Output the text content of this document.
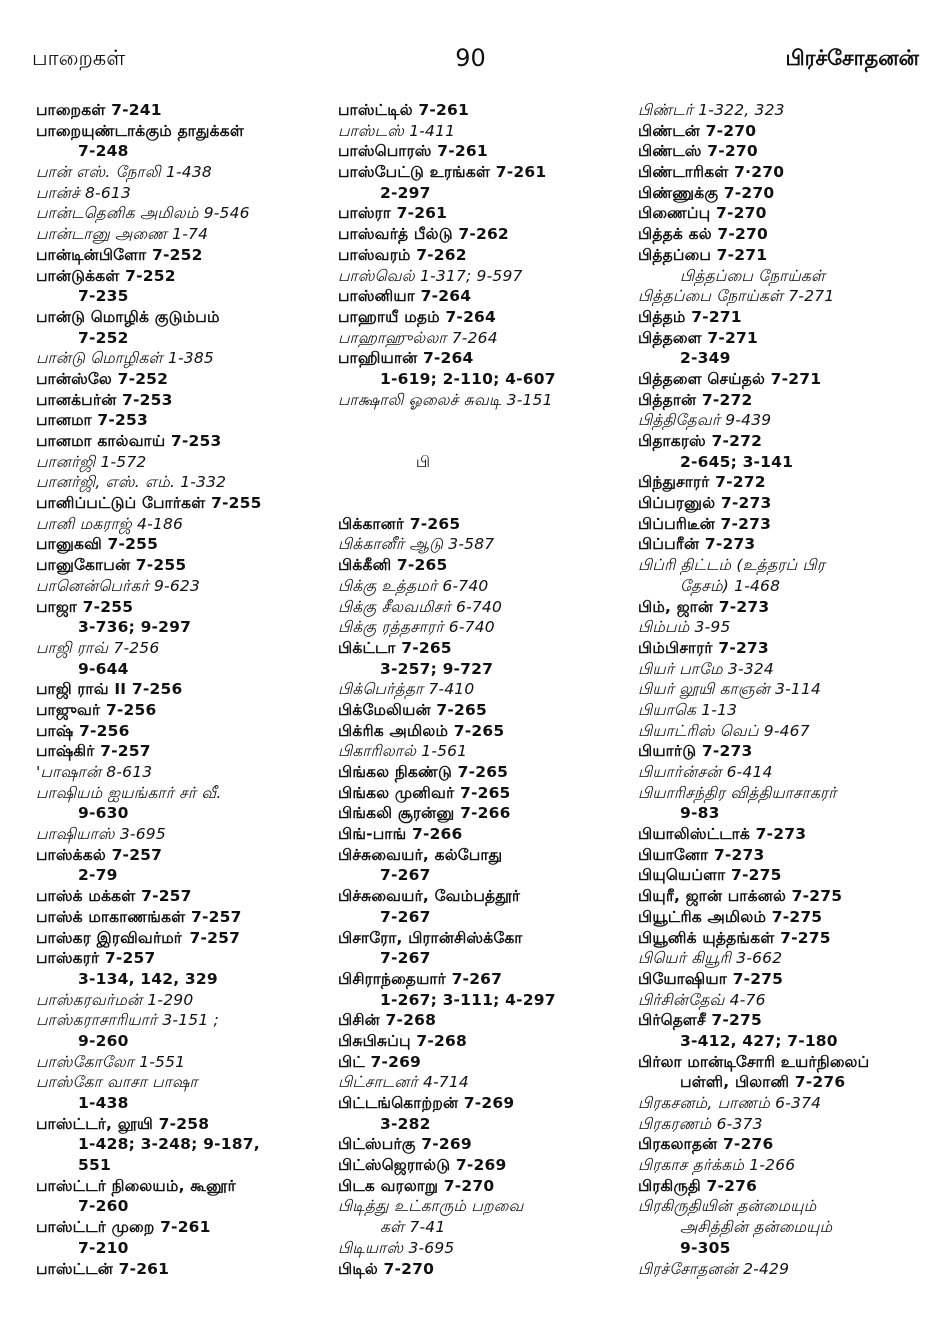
பாறைகள்	90	பிரச்சோதனன்
பாறைகள் 7-241
பாறையுண்டாக்கும் தாதுக்கள்
7-248
பான் எஸ். நோலி 1-438
பான்ச் 8-613
பான்டதெனிக அமிலம் 9-546
பான்டானு அணை 1-74
பான்டின்பிளோ 7-252
பான்டுக்கள் 7-252
7-235
பான்டு மொழிக் குடும்பம்
7-252
பான்டு மொழிகள் 1-385
பான்ஸ்லே 7-252
பானக்பர்ன் 7-253
பானமா 7-253
பானமா கால்வாய் 7-253
பானர்ஜி 1-572
பானர்ஜி, எஸ். எம். 1-332
பானிப்பட்டுப் போர்கள் 7-255
பானி மகராஜ் 4-186
பானுகவி 7-255
பானுகோபன் 7-255
பானென்பெர்கர் 9-623
பாஜா 7-255
3-736; 9-297
பாஜி ராவ் 7-256
9-644
பாஜி ராவ் II 7-256
பாஜுவர் 7-256
பாஷ் 7-256
பாஷ்கிர் 7-257
'பாஷான் 8-613
பாஷியம் ஐயங்கார் சர் வீ.
9-630
பாஷியாஸ் 3-695
பாஸ்க்கல் 7-257
2-79
பாஸ்க் மக்கள் 7-257
பாஸ்க் மாகாணங்கள் 7-257
பாஸ்கர இரவிவர்மா் 7-257
பாஸ்கரர் 7-257
3-134, 142, 329
பாஸ்கரவர்மன் 1-290
பாஸ்கராசாரியார் 3-151 ;
9-260
பாஸ்கோலோ 1-551
பாஸ்கோ வாசா பாஷா
1-438
பாஸ்ட்டர், லூயி 7-258
1-428; 3-248; 9-187,
551
பாஸ்ட்டர் நிலையம், கூனூர்
7-260
பாஸ்ட்டர் முறை 7-261
7-210
பாஸ்ட்டன் 7-261
பாஸ்ட்டில் 7-261
பாஸ்டஸ் 1-411
பாஸ்பொரஸ் 7-261
பாஸ்பேட்டு உரங்கள் 7-261
2-297
பாஸ்ரா 7-261
பாஸ்வர்த் பீல்டு 7-262
பாஸ்வரம் 7-262
பாஸ்வெல் 1-317; 9-597
பாஸ்னியா 7-264
பாஹாயீ மதம் 7-264
பாஹாஹுல்லா 7-264
பாஹியான் 7-264
1-619; 2-110; 4-607
பாக்ஷாலி ஓலைச் சுவடி 3-151
பி
பிக்கானர் 7-265
பிக்கானீர் ஆடு 3-587
பிக்கீனி 7-265
பிக்கு உத்தமர் 6-740
பிக்கு சீலவமிசர் 6-740
பிக்கு ரத்தசாரர் 6-740
பிக்ட்டா 7-265
3-257; 9-727
பிக்பெர்த்தா 7-410
பிக்மேலியன் 7-265
பிக்ரிக அமிலம் 7-265
பிகாரிலால் 1-561
பிங்கல நிகண்டு 7-265
பிங்கல முனிவர் 7-265
பிங்கலி சூரன்னு 7-266
பிங்-பாங் 7-266
பிச்சுவையர், கல்போது
7-267
பிச்சுவையர், வேம்பத்தூர்
7-267
பிசாரோ, பிரான்சிஸ்க்கோ
7-267
பிசிராந்தையார் 7-267
1-267; 3-111; 4-297
பிசின் 7-268
பிசுபிசுப்பு 7-268
பிட் 7-269
பிட்சாடனர் 4-714
பிட்டங்கொற்றன் 7-269
3-282
பிட்ஸ்பர்கு 7-269
பிட்ஸ்ஜெரால்டு 7-269
பிடக வரலாறு 7-270
பிடித்து உட்காரும் பறவை
கள் 7-41
பிடியாஸ் 3-695
பிடில் 7-270
பிண்டர் 1-322, 323
பிண்டன் 7-270
பிண்டஸ் 7-270
பிண்டாரிகள் 7·270
பிண்ணுக்கு 7-270
பிணைப்பு 7-270
பித்தக் கல் 7-270
பித்தப்பை 7-271
பித்தப்பை நோய்கள்
பித்தப்பை நோய்கள் 7-271
பித்தம் 7-271
பித்தளை 7-271
2-349
பித்தளை செய்தல் 7-271
பித்தான் 7-272
பித்திதேவர் 9-439
பிதாகரஸ் 7-272
2-645; 3-141
பிந்துசாரர் 7-272
பிப்பரனுல் 7-273
பிப்பரிடீன் 7-273
பிப்பரீன் 7-273
பிப்ரி திட்டம் (உத்தரப் பிர
தேசம்) 1-468
பிம், ஜான் 7-273
பிம்பம் 3-95
பிம்பிசாரர் 7-273
பியர் பாமே 3-324
பியர் லூயி காஞன் 3-114
பியாகெ 1-13
பியாட்ரிஸ் வெப் 9-467
பியார்டு 7-273
பியார்ன்சன் 6-414
பியாரிசந்திர வித்தியாசாகரர்
9-83
பியாலிஸ்ட்டாக் 7-273
பியானோ 7-273
பியுயெப்ளா 7-275
பியுரீ, ஜான் பாக்னல் 7-275
பியூட்ரிக அமிலம் 7-275
பியூனிக் யுத்தங்கள் 7-275
பியெர் கியூரி 3-662
பியோஷியா 7-275
பிர்சின்தேவ் 4-76
பிர்தௌசீ 7-275
3-412, 427; 7-180
பிர்லா மான்டிசோரி உயர்நிலைப்
பள்ளி, பிலானி 7-276
பிரகசனம், பாணம் 6-374
பிரகரணம் 6-373
பிரகலாதன் 7-276
பிரகாச தர்க்கம் 1-266
பிரகிருதி 7-276
பிரகிருதியின் தன்மையும்
அசித்தின் தன்மையும்
9-305
பிரச்சோதனன் 2-429
